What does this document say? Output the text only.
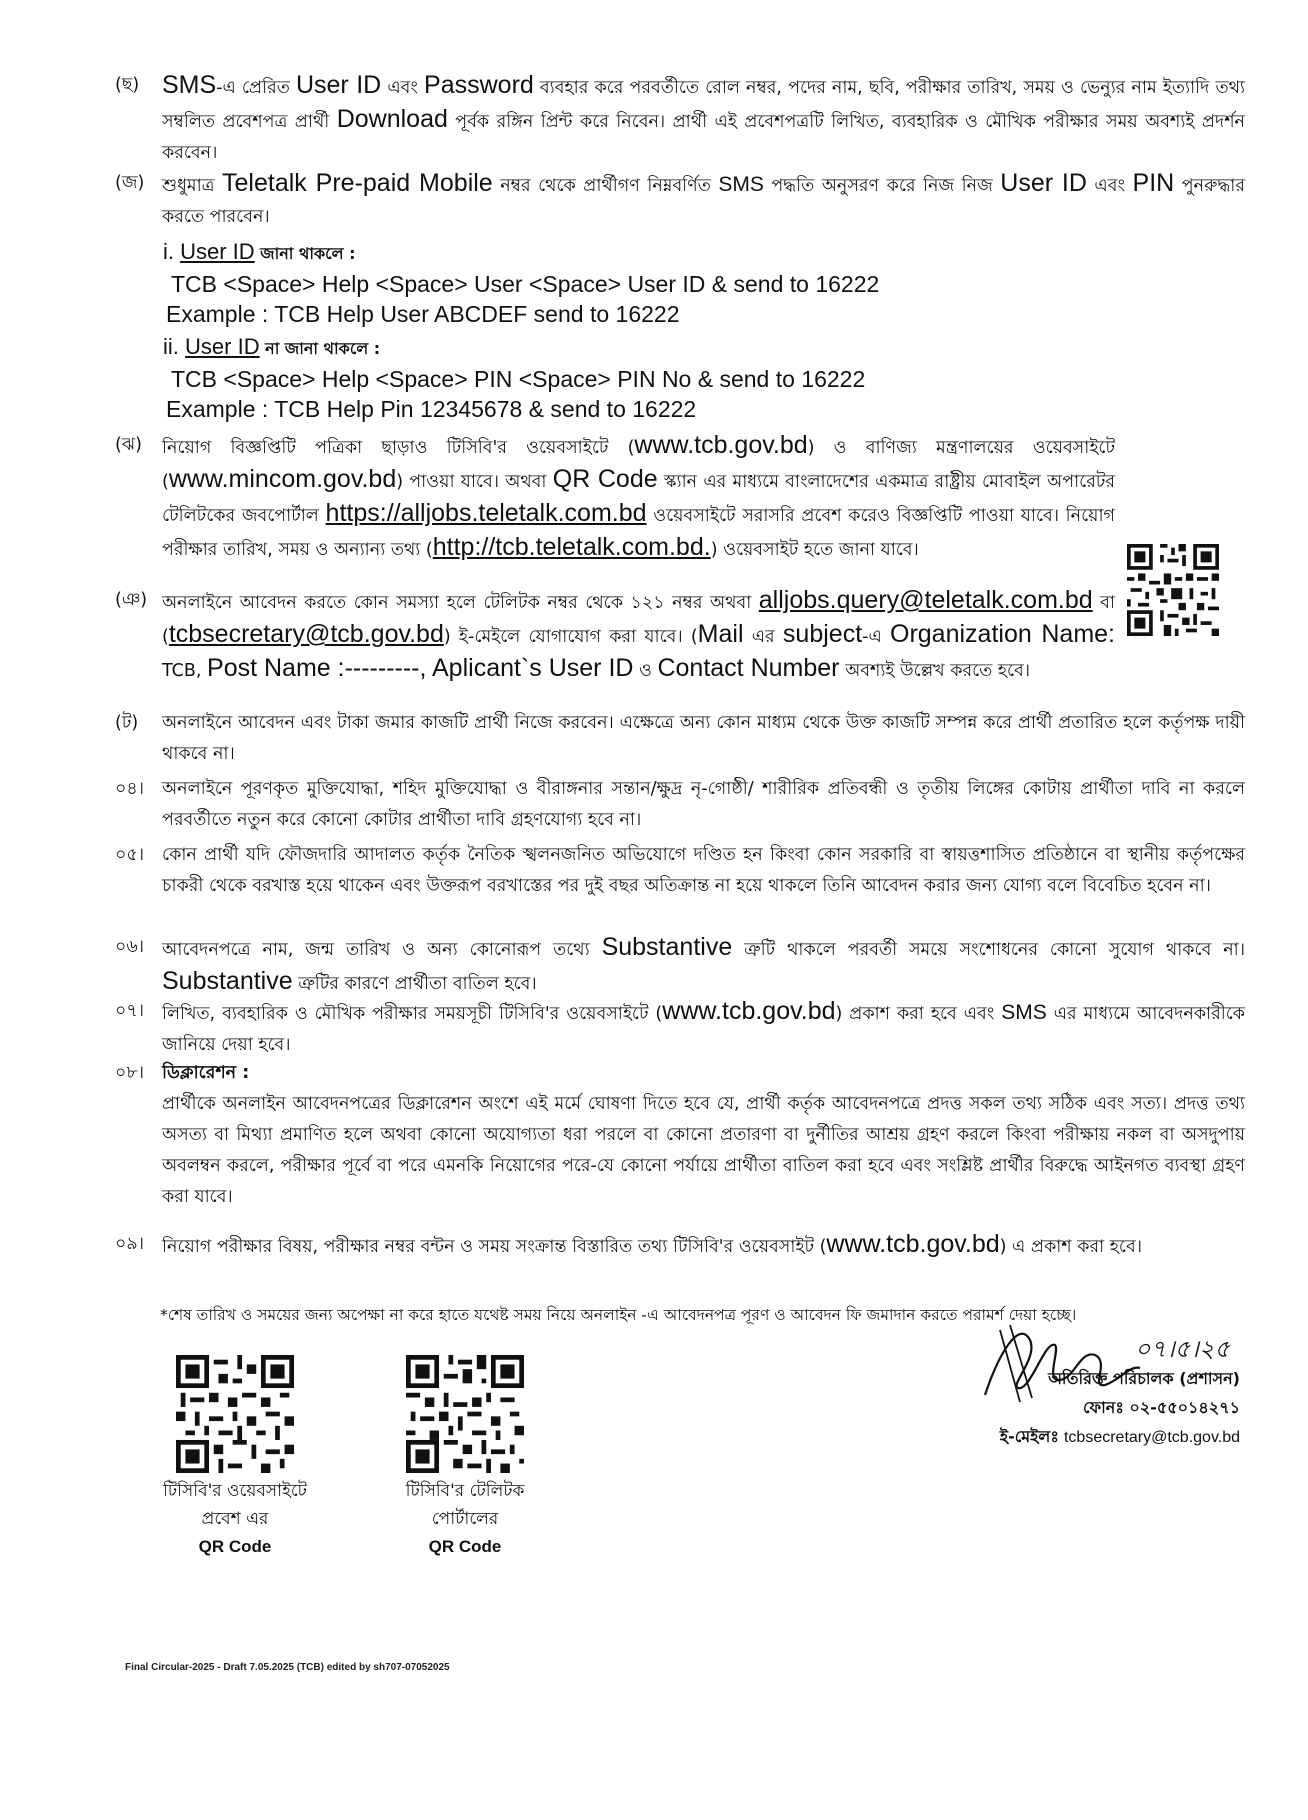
(ছ) SMS-এ প্রেরিত User ID এবং Password ব্যবহার করে পরবর্তীতে রোল নম্বর, পদের নাম, ছবি, পরীক্ষার তারিখ, সময় ও ভেন্যুর নাম ইত্যাদি তথ্য সম্বলিত প্রবেশপত্র প্রার্থী Download পূর্বক রঙ্গিন প্রিন্ট করে নিবেন। প্রার্থী এই প্রবেশপত্রটি লিখিত, ব্যবহারিক ও মৌখিক পরীক্ষার সময় অবশ্যই প্রদর্শন করবেন।
(জ)	শুধুমাত্র Teletalk Pre-paid Mobile নম্বর থেকে প্রার্থীগণ নিম্নবর্ণিত SMS পদ্ধতি অনুসরণ করে নিজ নিজ User ID এবং PIN পুনরুদ্ধার করতে পারবেন।
i. User ID জানা থাকলে :
TCB <Space> Help <Space> User <Space> User ID & send to 16222
Example : TCB Help User ABCDEF send to 16222
ii. User ID না জানা থাকলে :
TCB <Space> Help <Space> PIN <Space> PIN No & send to 16222
Example : TCB Help Pin 12345678 & send to 16222
(ঝ)	নিয়োগ বিজ্ঞপ্তিটি পত্রিকা ছাড়াও টিসিবি'র ওয়েবসাইটে (www.tcb.gov.bd) ও বাণিজ্য মন্ত্রণালয়ের ওয়েবসাইটে (www.mincom.gov.bd) পাওয়া যাবে। অথবা QR Code স্ক্যান এর মাধ্যমে বাংলাদেশের একমাত্র রাষ্ট্রীয় মোবাইল অপারেটর টেলিটকের জবপোর্টাল https://alljobs.teletalk.com.bd ওয়েবসাইটে সরাসরি প্রবেশ করেও বিজ্ঞপ্তিটি পাওয়া যাবে। নিয়োগ পরীক্ষার তারিখ, সময় ও অন্যান্য তথ্য (http://tcb.teletalk.com.bd.) ওয়েবসাইট হতে জানা যাবে।
(ঞ) অনলাইনে আবেদন করতে কোন সমস্যা হলে টেলিটক নম্বর থেকে ১২১ নম্বর অথবা alljobs.query@teletalk.com.bd বা (tcbsecretary@tcb.gov.bd) ই-মেইলে যোগাযোগ করা যাবে। (Mail এর subject-এ Organization Name: TCB, Post Name :---------, Aplicant`s User ID ও Contact Number অবশ্যই উল্লেখ করতে হবে।
(ট)	অনলাইনে আবেদন এবং টাকা জমার কাজটি প্রার্থী নিজে করবেন। এক্ষেত্রে অন্য কোন মাধ্যম থেকে উক্ত কাজটি সম্পন্ন করে প্রার্থী প্রতারিত হলে কর্তৃপক্ষ দায়ী থাকবে না।
০৪।	অনলাইনে পূরণকৃত মুক্তিযোদ্ধা, শহিদ মুক্তিযোদ্ধা ও বীরাঙ্গনার সন্তান/ক্ষুদ্র নৃ-গোষ্ঠী/ শারীরিক প্রতিবন্ধী ও তৃতীয় লিঙ্গের কোটায় প্রার্থীতা দাবি না করলে পরবর্তীতে নতুন করে কোনো কোটার প্রার্থীতা দাবি গ্রহণযোগ্য হবে না।
০৫।	কোন প্রার্থী যদি ফৌজদারি আদালত কর্তৃক নৈতিক স্খলনজনিত অভিযোগে দণ্ডিত হন কিংবা কোন সরকারি বা স্বায়ত্তশাসিত প্রতিষ্ঠানে বা স্থানীয় কর্তৃপক্ষের চাকরী থেকে বরখাস্ত হয়ে থাকেন এবং উক্তরূপ বরখাস্তের পর দুই বছর অতিক্রান্ত না হয়ে থাকলে তিনি আবেদন করার জন্য যোগ্য বলে বিবেচিত হবেন না।
০৬।	আবেদনপত্রে নাম, জন্ম তারিখ ও অন্য কোনোরূপ তথ্যে Substantive ত্রুটি থাকলে পরবর্তী সময়ে সংশোধনের কোনো সুযোগ থাকবে না। Substantive ত্রুটির কারণে প্রার্থীতা বাতিল হবে।
০৭।	লিখিত, ব্যবহারিক ও মৌখিক পরীক্ষার সময়সূচী টিসিবি'র ওয়েবসাইটে (www.tcb.gov.bd) প্রকাশ করা হবে এবং SMS এর মাধ্যমে আবেদনকারীকে জানিয়ে দেয়া হবে।
০৮।	ডিক্লারেশন :
প্রার্থীকে অনলাইন আবেদনপত্রের ডিক্লারেশন অংশে এই মর্মে ঘোষণা দিতে হবে যে, প্রার্থী কর্তৃক আবেদনপত্রে প্রদত্ত সকল তথ্য সঠিক এবং সত্য। প্রদত্ত তথ্য অসত্য বা মিথ্যা প্রমাণিত হলে অথবা কোনো অযোগ্যতা ধরা পরলে বা কোনো প্রতারণা বা দুর্নীতির আশ্রয় গ্রহণ করলে কিংবা পরীক্ষায় নকল বা অসদুপায় অবলম্বন করলে, পরীক্ষার পূর্বে বা পরে এমনকি নিয়োগের পরে-যে কোনো পর্যায়ে প্রার্থীতা বাতিল করা হবে এবং সংশ্লিষ্ট প্রার্থীর বিরুদ্ধে আইনগত ব্যবস্থা গ্রহণ করা যাবে।
০৯।	নিয়োগ পরীক্ষার বিষয়, পরীক্ষার নম্বর বন্টন ও সময় সংক্রান্ত বিস্তারিত তথ্য টিসিবি'র ওয়েবসাইট (www.tcb.gov.bd) এ প্রকাশ করা হবে।
*শেষ তারিখ ও সময়ের জন্য অপেক্ষা না করে হাতে যথেষ্ট সময় নিয়ে অনলাইন -এ আবেদনপত্র পূরণ ও আবেদন ফি জমাদান করতে পরামর্শ দেয়া হচ্ছে।
০৭।৫।২৫
অতিরিক্ত পরিচালক (প্রশাসন)
ফোনঃ ০২-৫৫০১৪২৭১
ই-মেইলঃ tcbsecretary@tcb.gov.bd
টিসিবি'র ওয়েবসাইটে
প্রবেশ এর
QR Code
টিসিবি'র টেলিটক
পোর্টালের
QR Code
Final Circular-2025 - Draft 7.05.2025 (TCB) edited by sh707-07052025
